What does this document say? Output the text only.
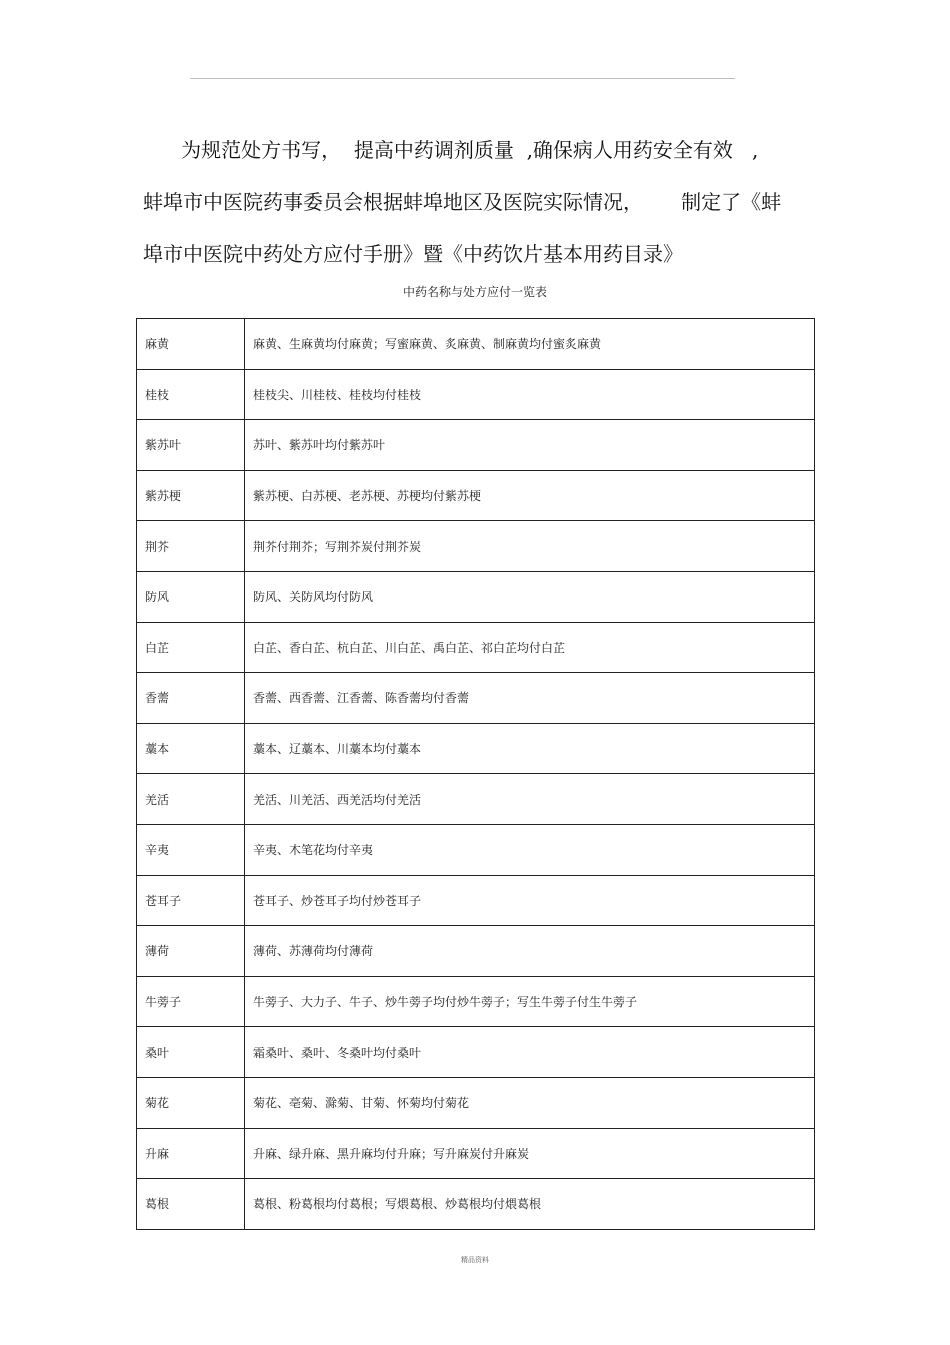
为规范处方书写，  提高中药调剂质量  ,确保病人用药安全有效   ,
蚌埠市中医院药事委员会根据蚌埠地区及医院实际情况，      制定了《蚌
埠市中医院中药处方应付手册》暨《中药饮片基本用药目录》
中药名称与处方应付一览表
麻黄	麻黄、生麻黄均付麻黄；写蜜麻黄、炙麻黄、制麻黄均付蜜炙麻黄
桂枝	桂枝尖、川桂枝、桂枝均付桂枝
紫苏叶	苏叶、紫苏叶均付紫苏叶
紫苏梗	紫苏梗、白苏梗、老苏梗、苏梗均付紫苏梗
荆芥	荆芥付荆芥；写荆芥炭付荆芥炭
防风	防风、关防风均付防风
白芷	白芷、香白芷、杭白芷、川白芷、禹白芷、祁白芷均付白芷
香薷	香薷、西香薷、江香薷、陈香薷均付香薷
藁本	藁本、辽藁本、川藁本均付藁本
羌活	羌活、川羌活、西羌活均付羌活
辛夷	辛夷、木笔花均付辛夷
苍耳子	苍耳子、炒苍耳子均付炒苍耳子
薄荷	薄荷、苏薄荷均付薄荷
牛蒡子	牛蒡子、大力子、牛子、炒牛蒡子均付炒牛蒡子；写生牛蒡子付生牛蒡子
桑叶	霜桑叶、桑叶、冬桑叶均付桑叶
菊花	菊花、亳菊、滁菊、甘菊、怀菊均付菊花
升麻	升麻、绿升麻、黑升麻均付升麻；写升麻炭付升麻炭
葛根	葛根、粉葛根均付葛根；写煨葛根、炒葛根均付煨葛根
精品资料
